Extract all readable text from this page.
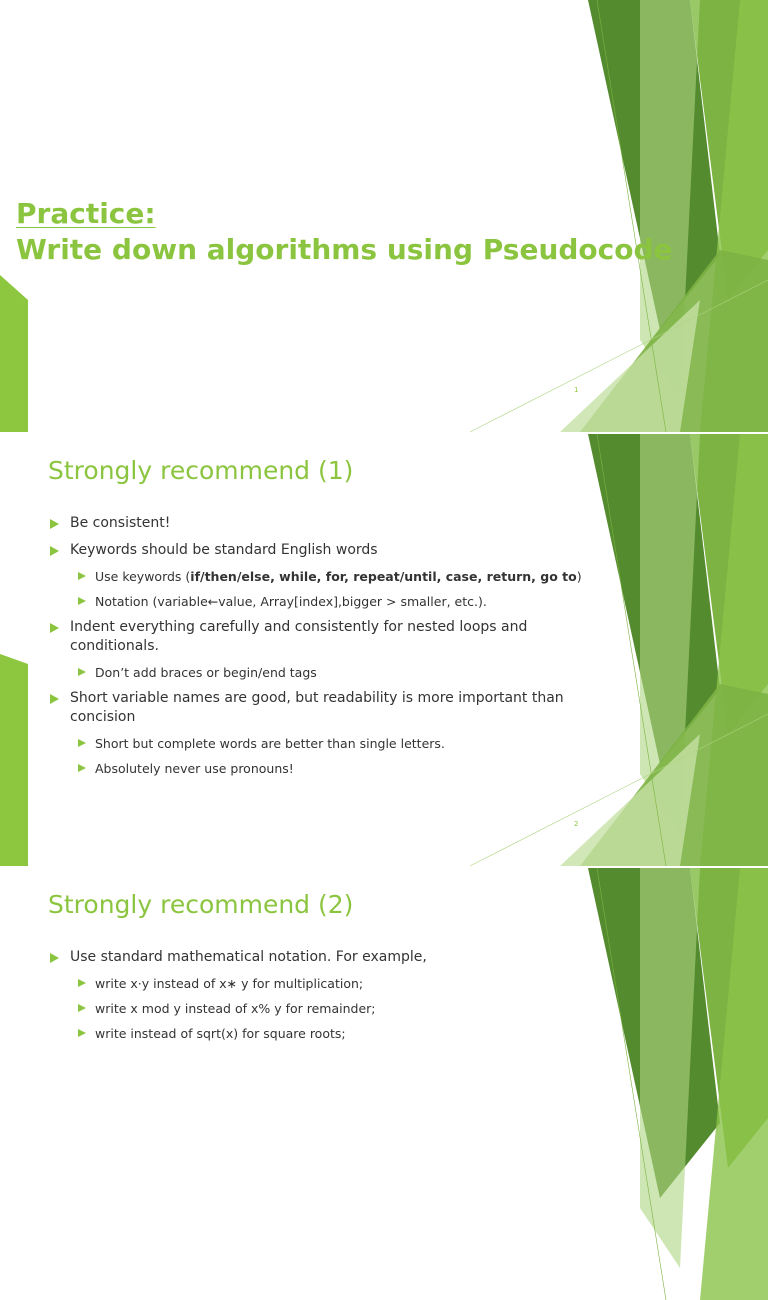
Practice:
Write down algorithms using Pseudocode
1
Strongly recommend (1)
Be consistent!
Keywords should be standard English words
Use keywords (if/then/else, while, for, repeat/until, case, return, go to)
Notation (variable←value, Array[index],bigger > smaller, etc.).
Indent everything carefully and consistently for nested loops and conditionals.
Don’t add braces or begin/end tags
Short variable names are good, but readability is more important than concision
Short but complete words are better than single letters.
Absolutely never use pronouns!
2
Strongly recommend (2)
Use standard mathematical notation. For example,
write x·y instead of x∗ y for multiplication;
write x mod y instead of x% y for remainder;
write instead of sqrt(x) for square roots;
